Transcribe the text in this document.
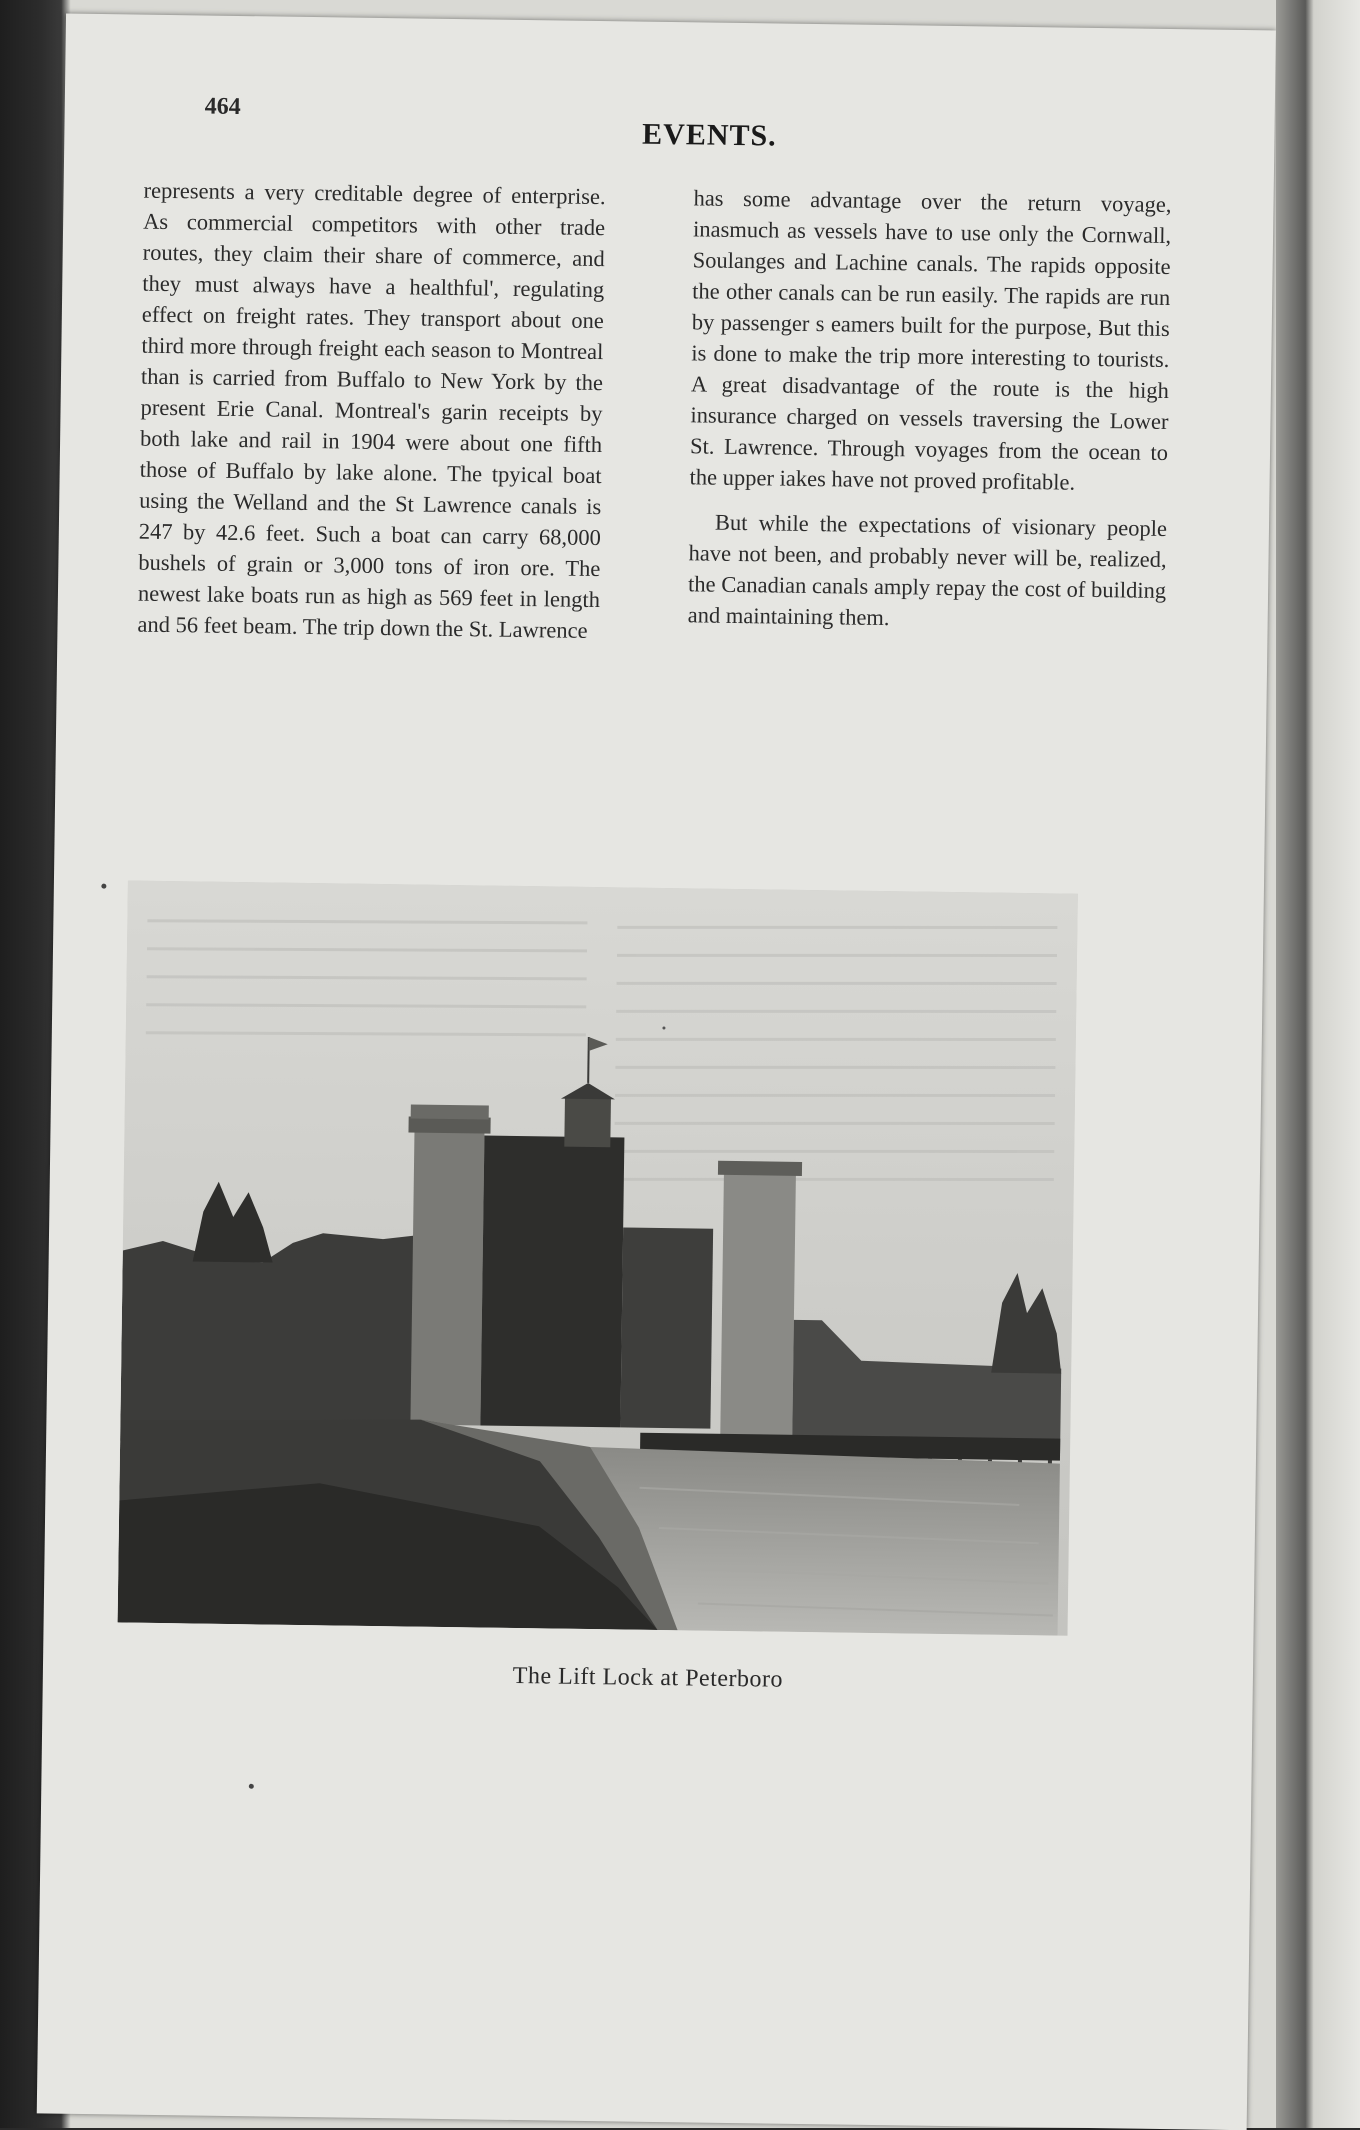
464
EVENTS.

represents a very creditable degree of enterprise. As commercial competitors with other trade routes, they claim their share of commerce, and they must always have a healthful', regulating effect on freight rates. They transport about one third more through freight each season to Montreal than is carried from Buffalo to New York by the present Erie Canal. Montreal's garin receipts by both lake and rail in 1904 were about one fifth those of Buffalo by lake alone. The tpyical boat using the Welland and the St Lawrence canals is 247 by 42.6 feet. Such a boat can carry 68,000 bushels of grain or 3,000 tons of iron ore. The newest lake boats run as high as 569 feet in length and 56 feet beam. The trip down the St. Lawrence

has some advantage over the return voyage, inasmuch as vessels have to use only the Cornwall, Soulanges and Lachine canals. The rapids opposite the other canals can be run easily. The rapids are run by passenger s eamers built for the purpose, But this is done to make the trip more interesting to tourists. A great disadvantage of the route is the high insurance charged on vessels traversing the Lower St. Lawrence. Through voyages from the ocean to the upper iakes have not proved profitable.

But while the expectations of visionary people have not been, and probably never will be, realized, the Canadian canals amply repay the cost of building and maintaining them.

The Lift Lock at Peterboro
